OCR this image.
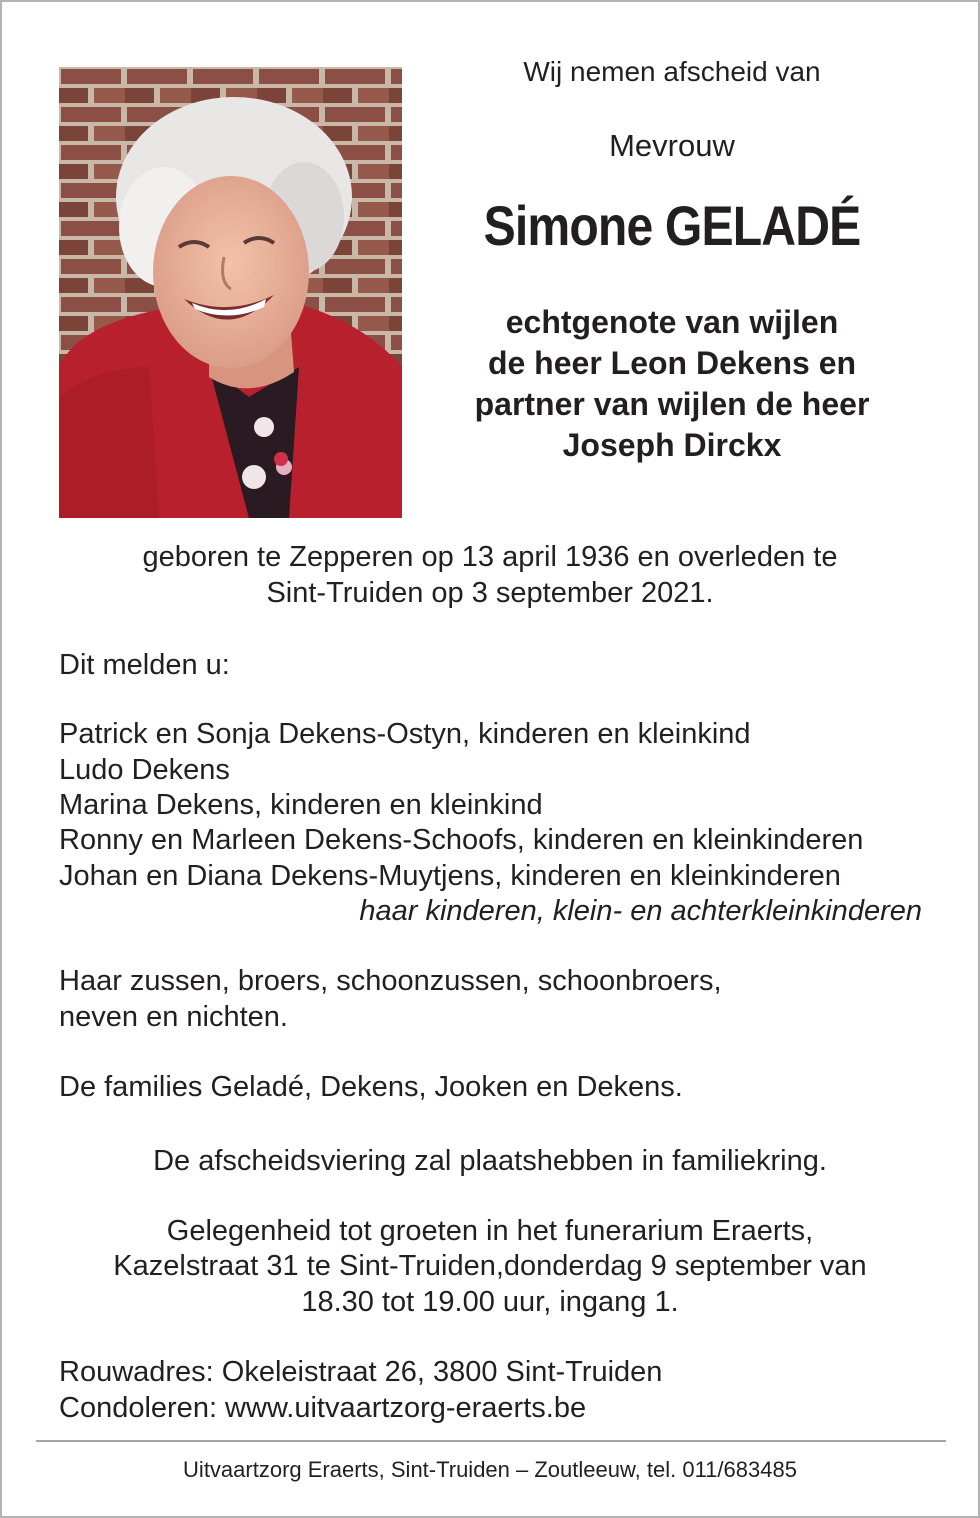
Wij nemen afscheid van

Mevrouw

Simone GELADÉ

echtgenote van wijlen
de heer Leon Dekens en
partner van wijlen de heer
Joseph Dirckx

geboren te Zepperen op 13 april 1936 en overleden te

Sint-Truiden op 3 september 2021.

Dit melden u:

Patrick en Sonja Dekens-Ostyn, kinderen en kleinkind

Ludo Dekens

Marina Dekens, kinderen en kleinkind

Ronny en Marleen Dekens-Schoofs, kinderen en kleinkinderen

Johan en Diana Dekens-Muytjens, kinderen en kleinkinderen

haar kinderen, klein- en achterkleinkinderen

Haar zussen, broers, schoonzussen, schoonbroers,

neven en nichten.

De families Geladé, Dekens, Jooken en Dekens.

De afscheidsviering zal plaatshebben in familiekring.

Gelegenheid tot groeten in het funerarium Eraerts,

Kazelstraat 31 te Sint-Truiden,donderdag 9 september van

18.30 tot 19.00 uur, ingang 1.

Rouwadres: Okeleistraat 26, 3800 Sint-Truiden

Condoleren: www.uitvaartzorg-eraerts.be

Uitvaartzorg Eraerts, Sint-Truiden – Zoutleeuw, tel. 011/683485
